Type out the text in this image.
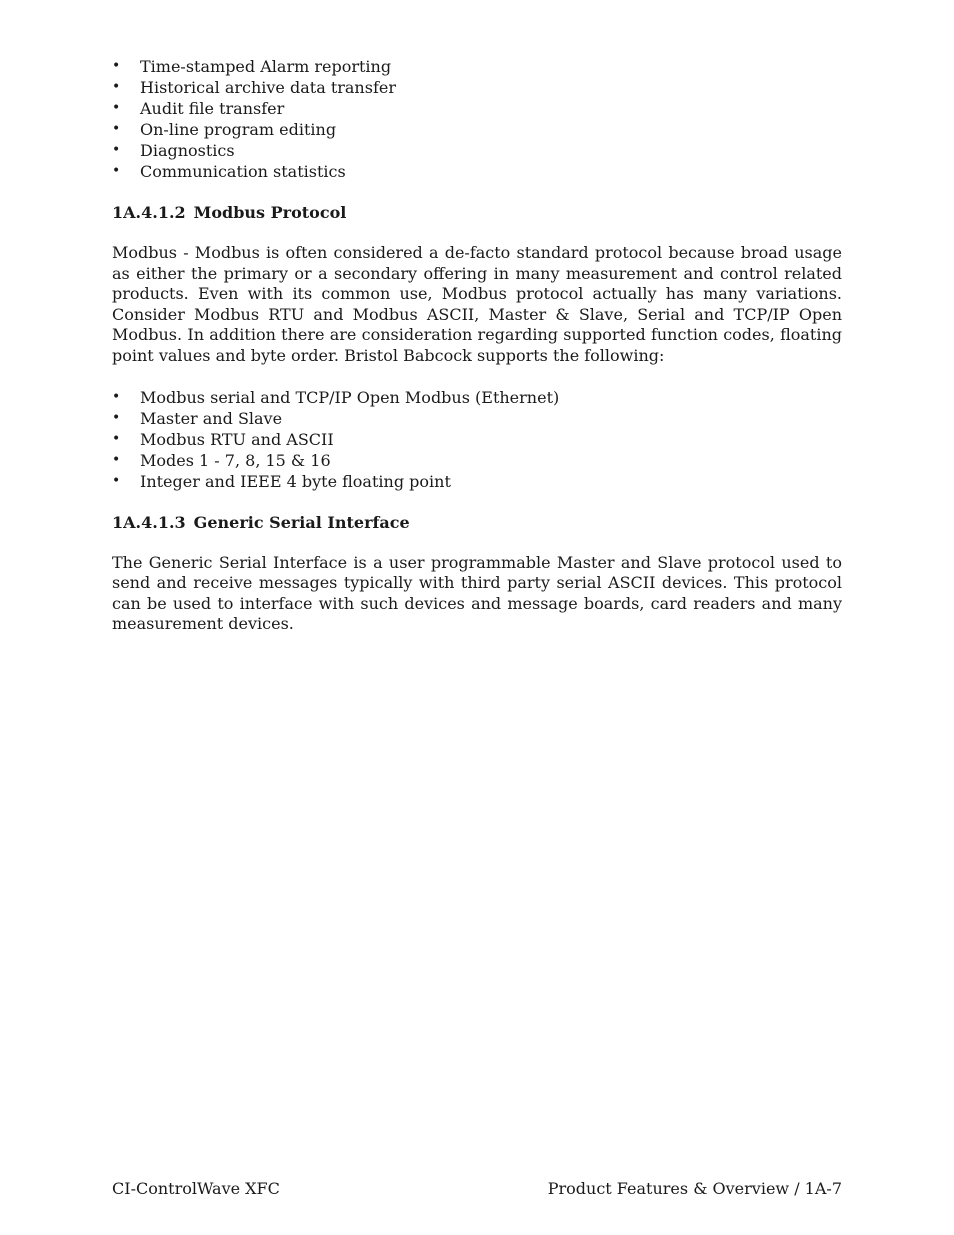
• Time-stamped Alarm reporting
• Historical archive data transfer
• Audit file transfer
• On-line program editing
• Diagnostics
• Communication statistics
1A.4.1.2 Modbus Protocol

Modbus - Modbus is often considered a de-facto standard protocol because broad usage as either the primary or a secondary offering in many measurement and control related products. Even with its common use, Modbus protocol actually has many variations. Consider Modbus RTU and Modbus ASCII, Master & Slave, Serial and TCP/IP Open Modbus. In addition there are consideration regarding supported function codes, floating point values and byte order. Bristol Babcock supports the following:

• Modbus serial and TCP/IP Open Modbus (Ethernet)
• Master and Slave
• Modbus RTU and ASCII
• Modes 1 - 7, 8, 15 & 16
• Integer and IEEE 4 byte floating point
1A.4.1.3 Generic Serial Interface

The Generic Serial Interface is a user programmable Master and Slave protocol used to send and receive messages typically with third party serial ASCII devices. This protocol can be used to interface with such devices and message boards, card readers and many measurement devices.

CI-ControlWave XFC	Product Features & Overview / 1A-7
